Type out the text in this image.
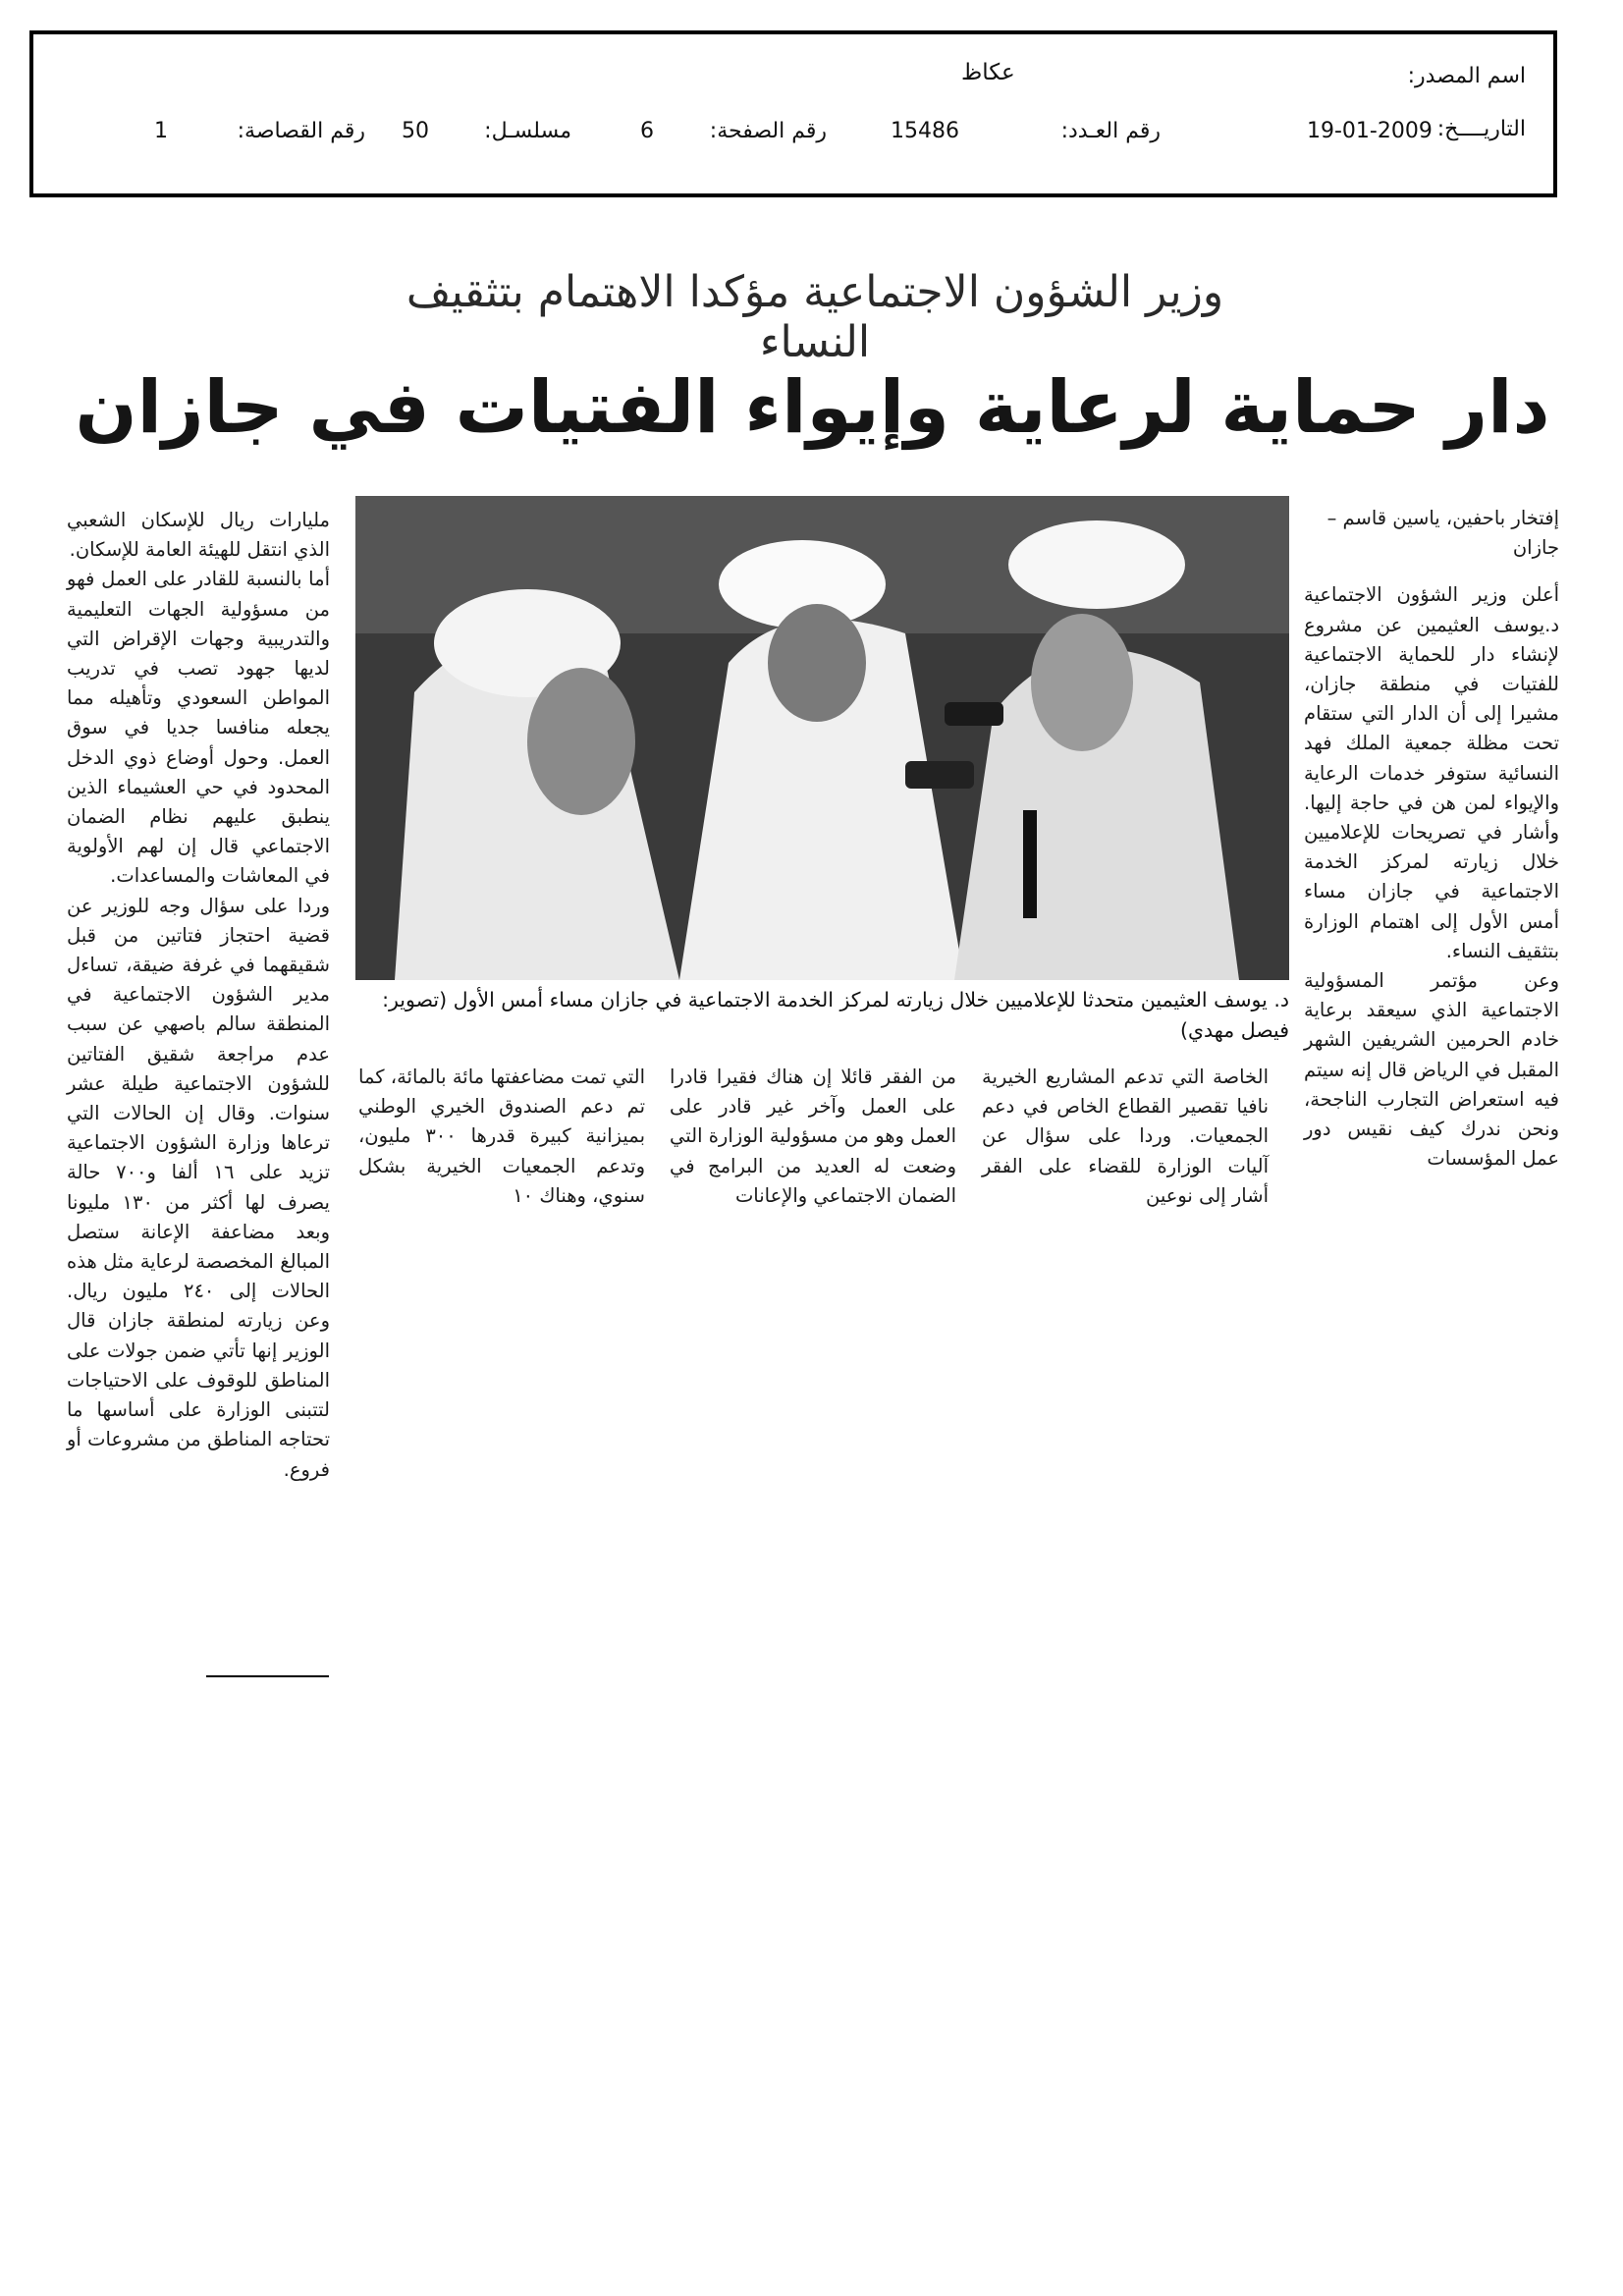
اسم المصدر:
عكاظ
التاريــــخ:
19-01-2009
رقم العـدد:
15486
رقم الصفحة:
6
مسلسـل:
50
رقم القصاصة:
1
وزير الشؤون الاجتماعية مؤكدا الاهتمام بتثقيف النساء
دار حماية لرعاية وإيواء الفتيات في جازان

إفتخار باحفين، ياسين قاسم – جازان

أعلن وزير الشؤون الاجتماعية د.يوسف العثيمين عن مشروع لإنشاء دار للحماية الاجتماعية للفتيات في منطقة جازان، مشيرا إلى أن الدار التي ستقام تحت مظلة جمعية الملك فهد النسائية ستوفر خدمات الرعاية والإيواء لمن هن في حاجة إليها. وأشار في تصريحات للإعلاميين خلال زيارته لمركز الخدمة الاجتماعية في جازان مساء أمس الأول إلى اهتمام الوزارة بتثقيف النساء.

وعن مؤتمر المسؤولية الاجتماعية الذي سيعقد برعاية خادم الحرمين الشريفين الشهر المقبل في الرياض قال إنه سيتم فيه استعراض التجارب الناجحة، ونحن ندرك كيف نقيس دور عمل المؤسسات

د. يوسف العثيمين متحدثا للإعلاميين خلال زيارته لمركز الخدمة الاجتماعية في جازان مساء أمس الأول (تصوير: فيصل مهدي)

الخاصة التي تدعم المشاريع الخيرية نافيا تقصير القطاع الخاص في دعم الجمعيات. وردا على سؤال عن آليات الوزارة للقضاء على الفقر أشار إلى نوعين

من الفقر قائلا إن هناك فقيرا قادرا على العمل وآخر غير قادر على العمل وهو من مسؤولية الوزارة التي وضعت له العديد من البرامج في الضمان الاجتماعي والإعانات

التي تمت مضاعفتها مائة بالمائة، كما تم دعم الصندوق الخيري الوطني بميزانية كبيرة قدرها ٣٠٠ مليون، وتدعم الجمعيات الخيرية بشكل سنوي، وهناك ١٠

مليارات ريال للإسكان الشعبي الذي انتقل للهيئة العامة للإسكان.

أما بالنسبة للقادر على العمل فهو من مسؤولية الجهات التعليمية والتدريبية وجهات الإقراض التي لديها جهود تصب في تدريب المواطن السعودي وتأهيله مما يجعله منافسا جديا في سوق العمل. وحول أوضاع ذوي الدخل المحدود في حي العشيماء الذين ينطبق عليهم نظام الضمان الاجتماعي قال إن لهم الأولوية في المعاشات والمساعدات.

وردا على سؤال وجه للوزير عن قضية احتجاز فتاتين من قبل شقيقهما في غرفة ضيقة، تساءل مدير الشؤون الاجتماعية في المنطقة سالم باصهي عن سبب عدم مراجعة شقيق الفتاتين للشؤون الاجتماعية طيلة عشر سنوات. وقال إن الحالات التي ترعاها وزارة الشؤون الاجتماعية تزيد على ١٦ ألفا و٧٠٠ حالة يصرف لها أكثر من ١٣٠ مليونا وبعد مضاعفة الإعانة ستصل المبالغ المخصصة لرعاية مثل هذه الحالات إلى ٢٤٠ مليون ريال. وعن زيارته لمنطقة جازان قال الوزير إنها تأتي ضمن جولات على المناطق للوقوف على الاحتياجات لتتبنى الوزارة على أساسها ما تحتاجه المناطق من مشروعات أو فروع.
